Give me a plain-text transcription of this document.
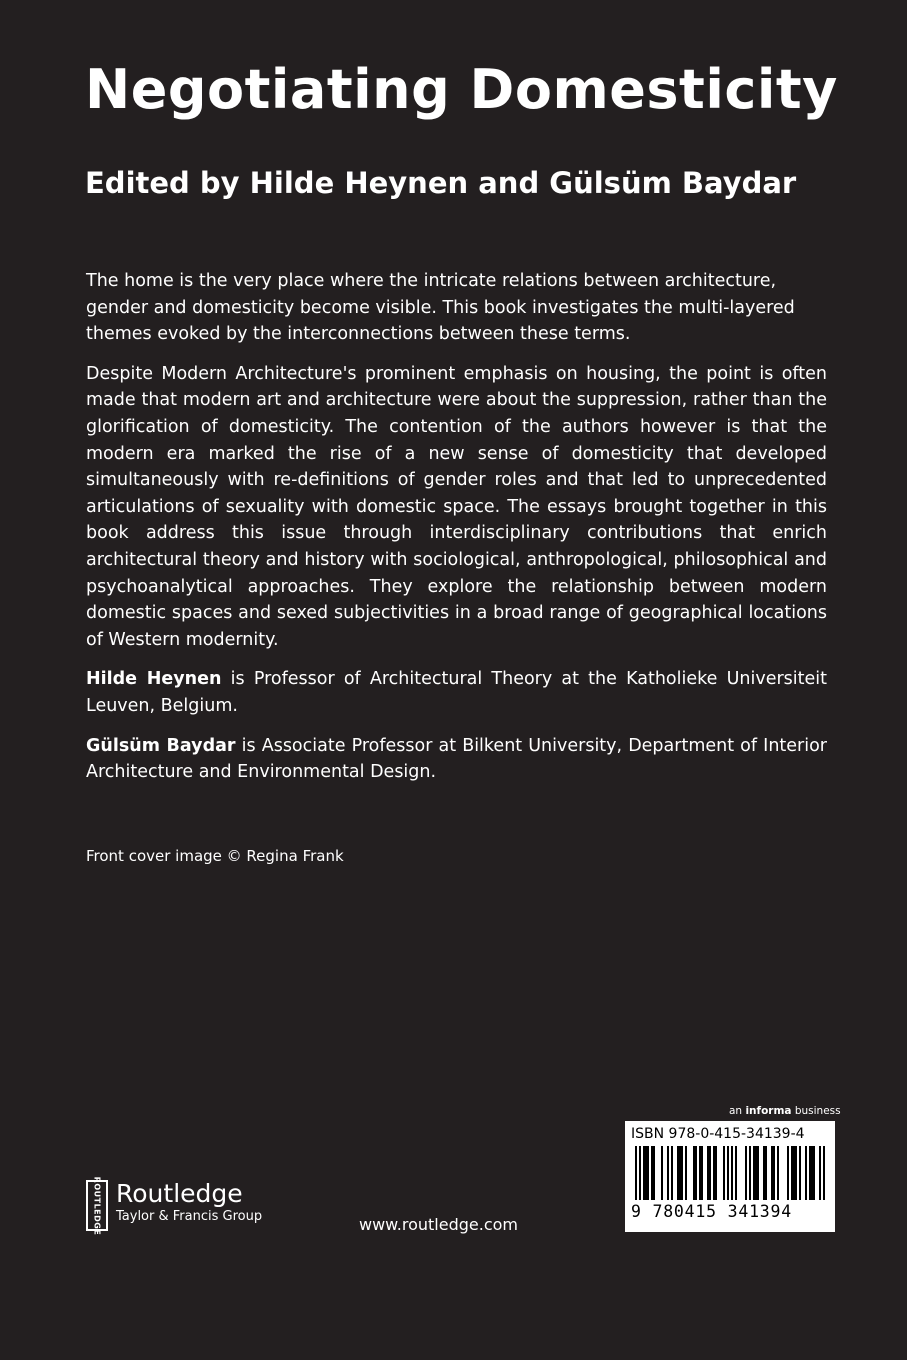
Negotiating Domesticity
Edited by Hilde Heynen and Gülsüm Baydar

The home is the very place where the intricate relations between architecture, gender and domesticity become visible. This book investigates the multi-layered themes evoked by the interconnections between these terms.

Despite Modern Architecture's prominent emphasis on housing, the point is often made that modern art and architecture were about the suppression, rather than the glorification of domesticity. The contention of the authors however is that the modern era marked the rise of a new sense of domesticity that developed simultaneously with re-definitions of gender roles and that led to unprecedented articulations of sexuality with domestic space. The essays brought together in this book address this issue through interdisciplinary contributions that enrich architectural theory and history with sociological, anthropological, philosophical and psychoanalytical approaches. They explore the relationship between modern domestic spaces and sexed subjectivities in a broad range of geographical locations of Western modernity.

Hilde Heynen is Professor of Architectural Theory at the Katholieke Universiteit Leuven, Belgium.

Gülsüm Baydar is Associate Professor at Bilkent University, Department of Interior Architecture and Environmental Design.

Front cover image © Regina Frank
ROUTLEDGE Routledge
Taylor & Francis Group	www.routledge.com
an informa business
ISBN 978-0-415-34139-4
9 780415 341394
